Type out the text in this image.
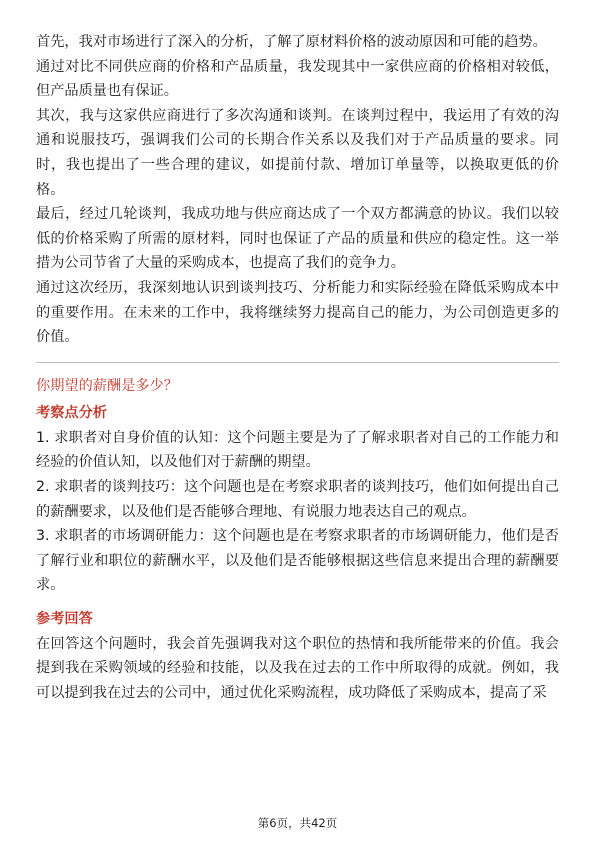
首先，我对市场进行了深入的分析，了解了原材料价格的波动原因和可能的趋势。

通过对比不同供应商的价格和产品质量，我发现其中一家供应商的价格相对较低，但产品质量也有保证。

其次，我与这家供应商进行了多次沟通和谈判。在谈判过程中，我运用了有效的沟通和说服技巧，强调我们公司的长期合作关系以及我们对于产品质量的要求。同时，我也提出了一些合理的建议，如提前付款、增加订单量等，以换取更低的价格。

最后，经过几轮谈判，我成功地与供应商达成了一个双方都满意的协议。我们以较低的价格采购了所需的原材料，同时也保证了产品的质量和供应的稳定性。这一举措为公司节省了大量的采购成本，也提高了我们的竞争力。

通过这次经历，我深刻地认识到谈判技巧、分析能力和实际经验在降低采购成本中的重要作用。在未来的工作中，我将继续努力提高自己的能力，为公司创造更多的价值。

你期望的薪酬是多少？

考察点分析

1. 求职者对自身价值的认知：这个问题主要是为了了解求职者对自己的工作能力和经验的价值认知，以及他们对于薪酬的期望。

2. 求职者的谈判技巧：这个问题也是在考察求职者的谈判技巧，他们如何提出自己的薪酬要求，以及他们是否能够合理地、有说服力地表达自己的观点。

3. 求职者的市场调研能力：这个问题也是在考察求职者的市场调研能力，他们是否了解行业和职位的薪酬水平，以及他们是否能够根据这些信息来提出合理的薪酬要求。

参考回答

在回答这个问题时，我会首先强调我对这个职位的热情和我所能带来的价值。我会提到我在采购领域的经验和技能，以及我在过去的工作中所取得的成就。例如，我可以提到我在过去的公司中，通过优化采购流程，成功降低了采购成本，提高了采

第6页，共42页
